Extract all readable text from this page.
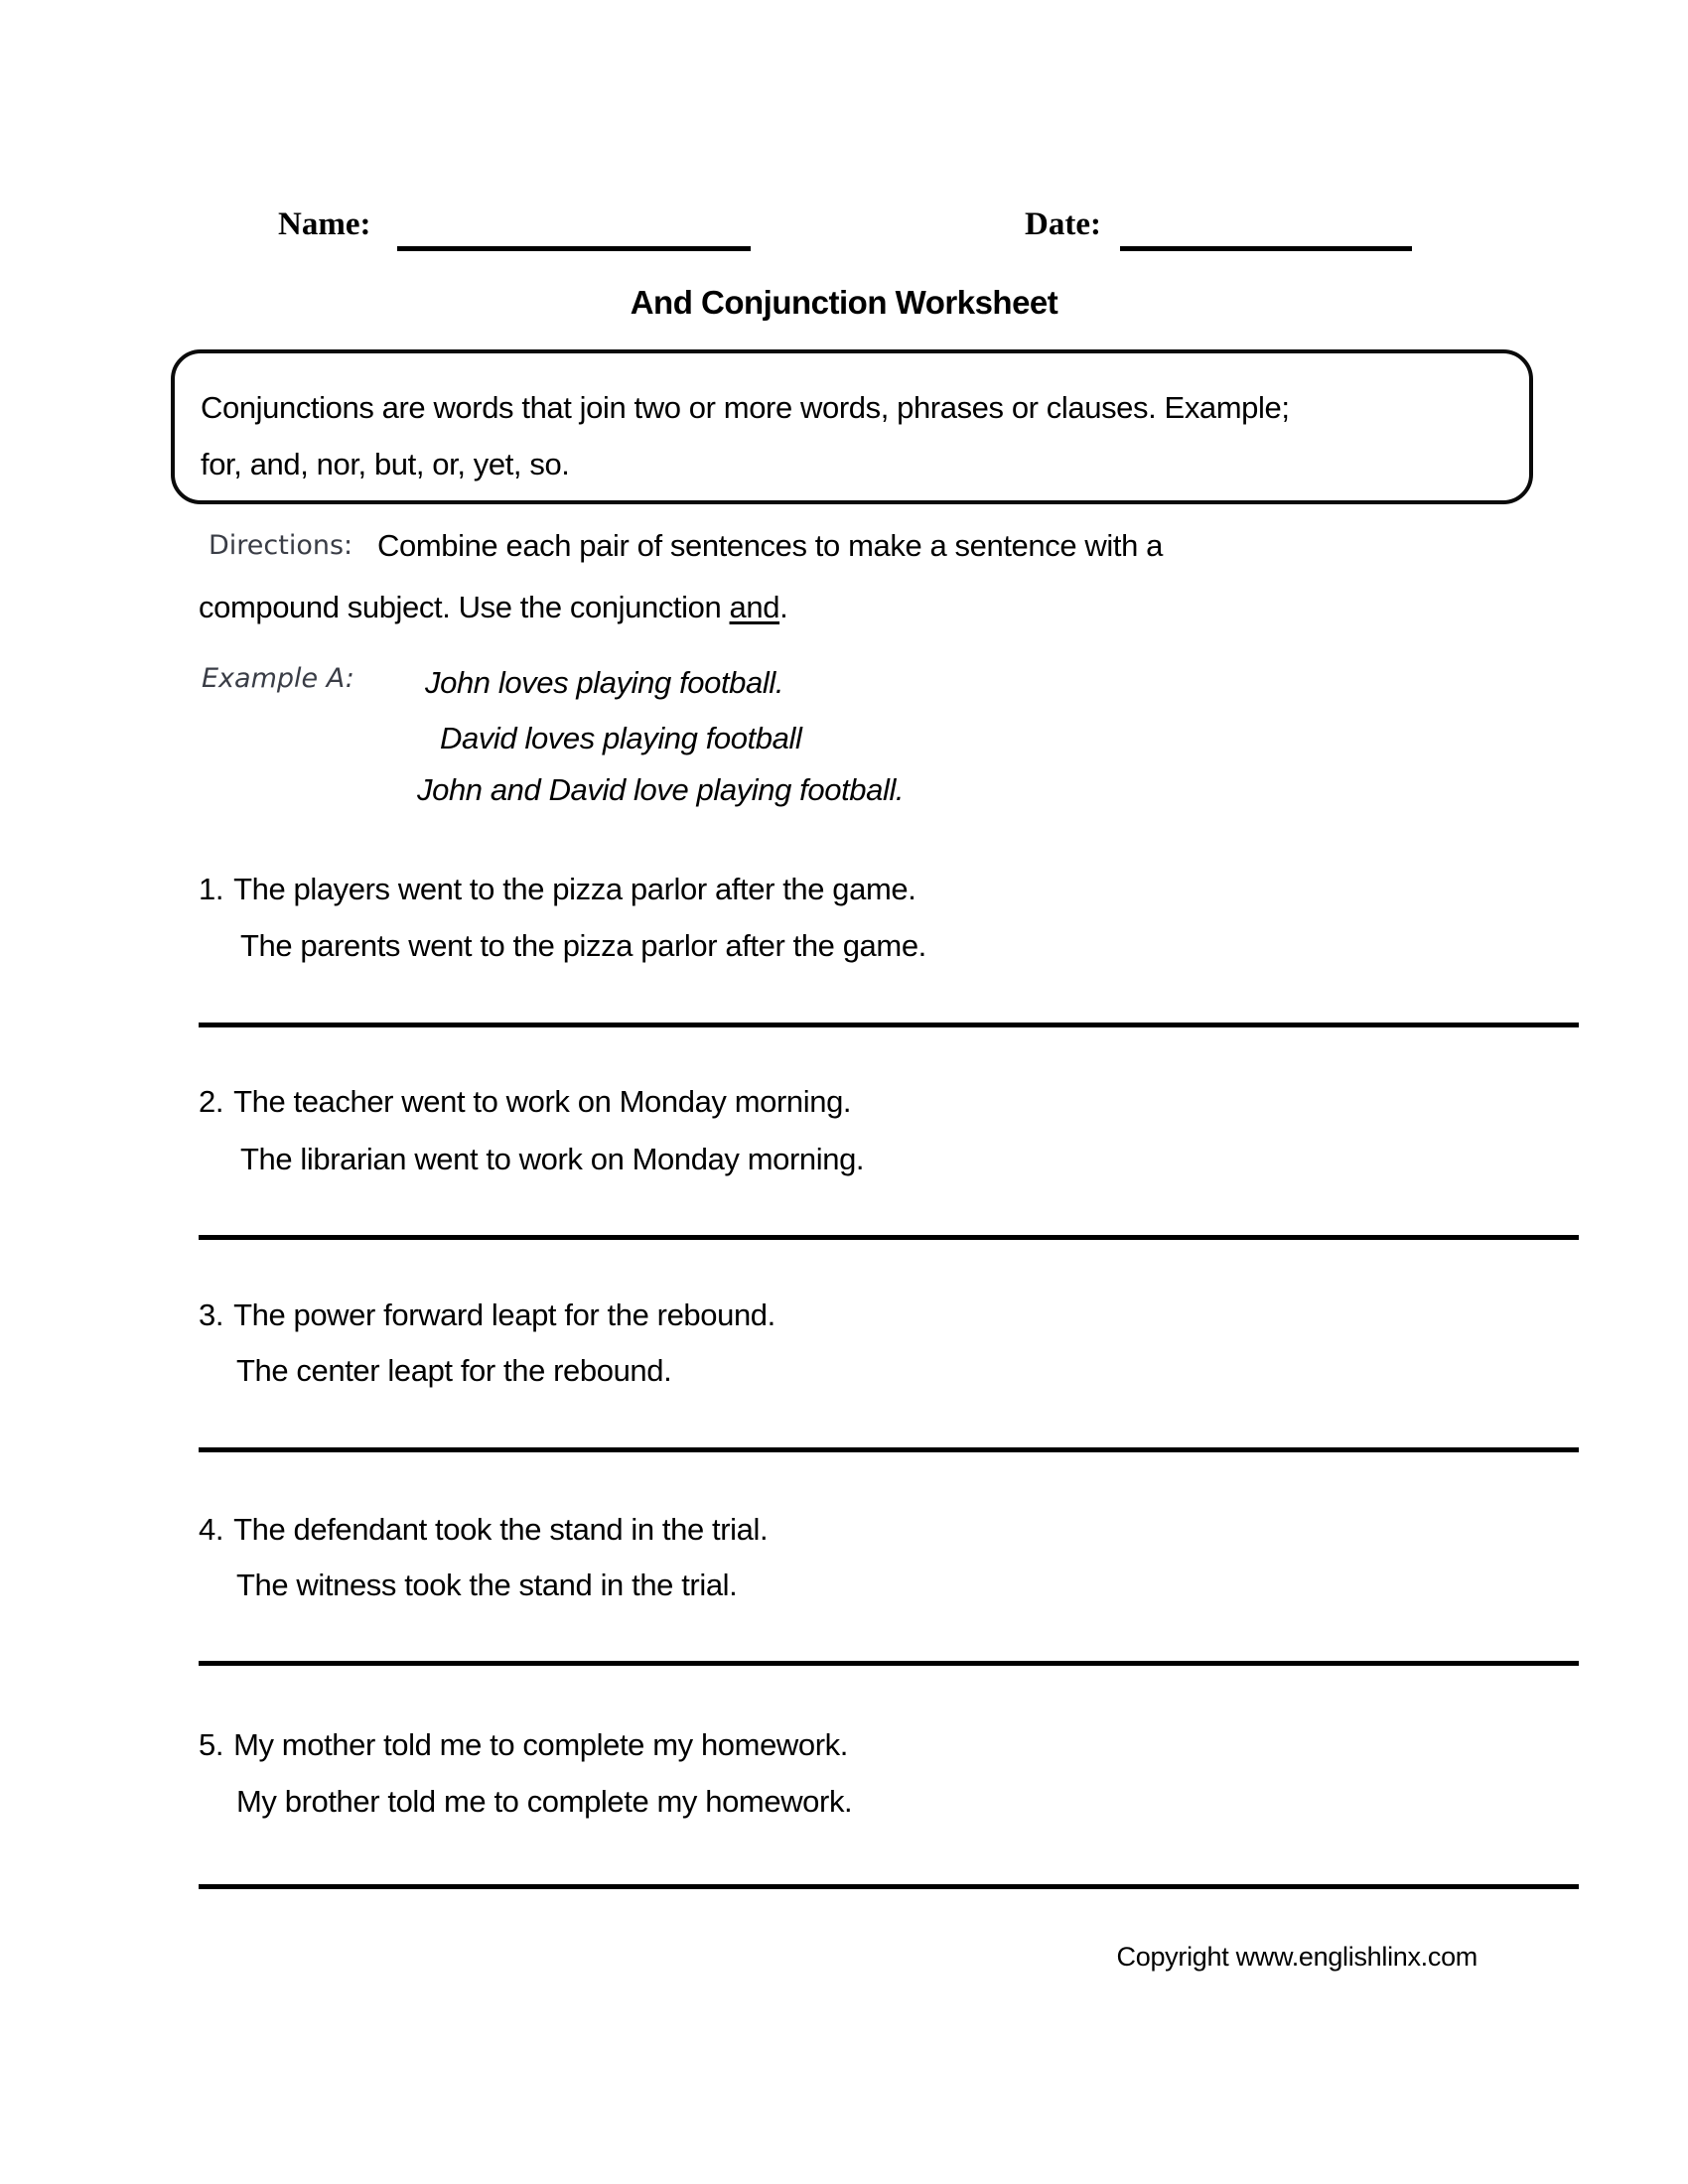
Name:	Date:
And Conjunction Worksheet
Conjunctions are words that join two or more words, phrases or clauses. Example;
for, and, nor, but, or, yet, so.
Directions: Combine each pair of sentences to make a sentence with a
compound subject. Use the conjunction and.
Example A: John loves playing football.
David loves playing football
John and David love playing football.
1. The players went to the pizza parlor after the game.
The parents went to the pizza parlor after the game.
2. The teacher went to work on Monday morning.
The librarian went to work on Monday morning.
3. The power forward leapt for the rebound.
The center leapt for the rebound.
4. The defendant took the stand in the trial.
The witness took the stand in the trial.
5. My mother told me to complete my homework.
My brother told me to complete my homework.
Copyright www.englishlinx.com
